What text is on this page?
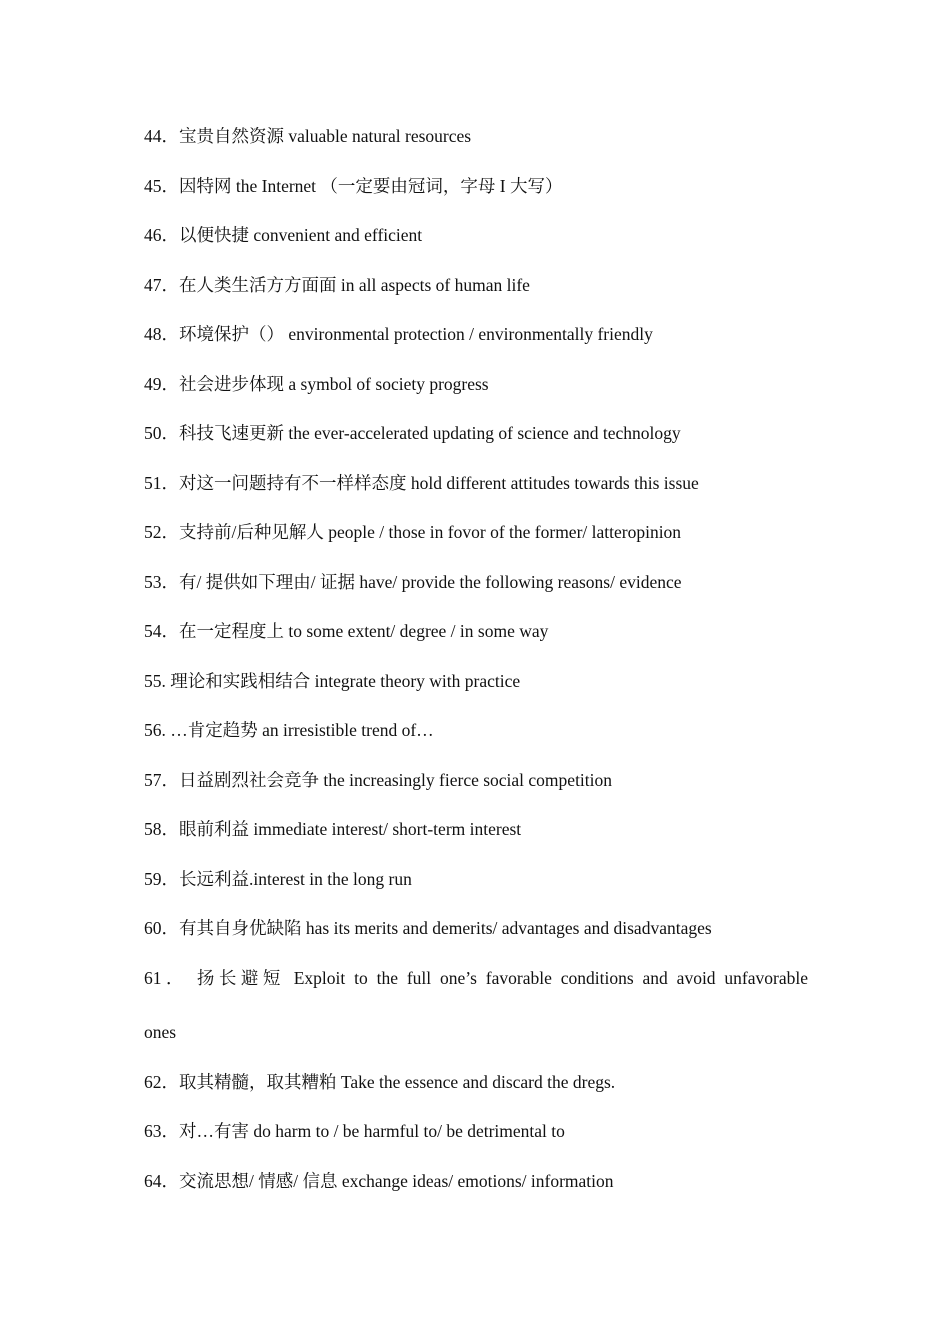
44．宝贵自然资源 valuable natural resources
45．因特网 the Internet （一定要由冠词，字母 I 大写）
46．以便快捷 convenient and efficient
47．在人类生活方方面面 in all aspects of human life
48．环境保护（） environmental protection / environmentally friendly
49．社会进步体现 a symbol of society progress
50．科技飞速更新 the ever-accelerated updating of science and technology
51．对这一问题持有不一样样态度 hold different attitudes towards this issue
52．支持前/后种见解人 people / those in fovor of the former/ latteropinion
53．有/ 提供如下理由/ 证据 have/ provide the following reasons/ evidence
54．在一定程度上 to some extent/ degree / in some way
55. 理论和实践相结合 integrate theory with practice
56. …肯定趋势 an irresistible trend of…
57．日益剧烈社会竞争 the increasingly fierce social competition
58．眼前利益 immediate interest/ short-term interest
59．长远利益.interest in the long run
60．有其自身优缺陷 has its merits and demerits/ advantages and disadvantages
61． 扬长避短 Exploit to the full one’s favorable conditions and avoid unfavorable
ones
62．取其精髓，取其糟粕 Take the essence and discard the dregs.
63．对…有害 do harm to / be harmful to/ be detrimental to
64．交流思想/ 情感/ 信息 exchange ideas/ emotions/ information
